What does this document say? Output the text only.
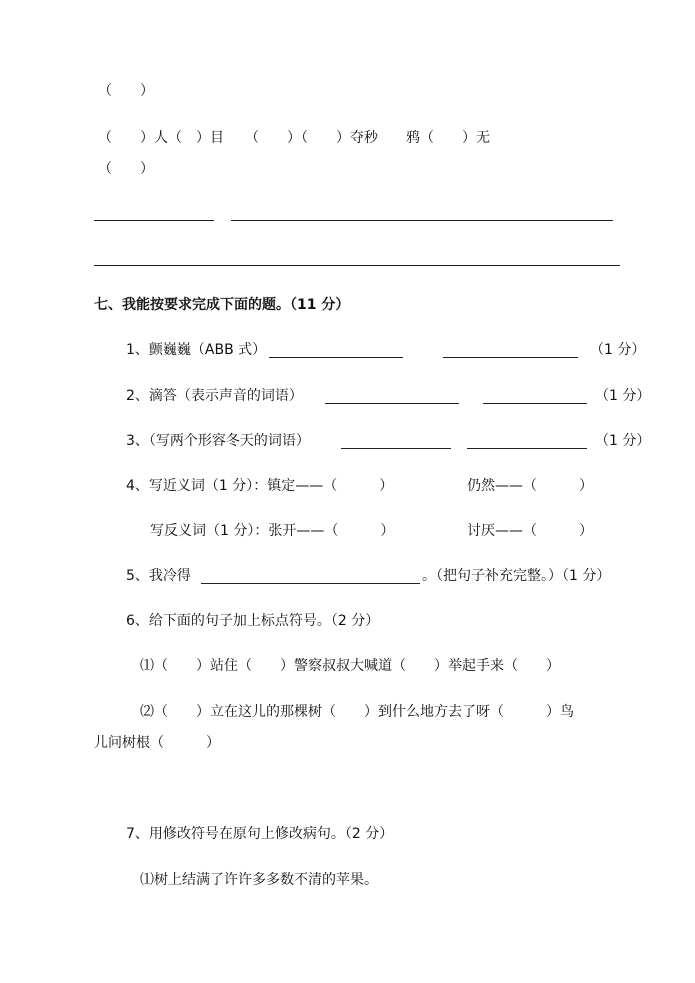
（　　）
（　　）人（　）目　　（　　）（　　）夺秒　　鸦（　　）无
（　　）
七、我能按要求完成下面的题。（11 分）
1、颤巍巍（ABB 式）	（1 分）
2、滴答（表示声音的词语）	（1 分）
3、（写两个形容冬天的词语）	（1 分）
4、写近义词（1 分）：镇定——（　　　）	仍然——（　　　）
写反义词（1 分）：张开——（　　　）	讨厌——（　　　）
5、我冷得	。（把句子补充完整。）（1 分）
6、给下面的句子加上标点符号。（2 分）
⑴（　　）站住（　　）警察叔叔大喊道（　　）举起手来（　　）
⑵（　　）立在这儿的那棵树（　　）到什么地方去了呀（　　　）鸟
儿问树根（　　　）
7、用修改符号在原句上修改病句。（2 分）
⑴树上结满了许许多多数不清的苹果。
